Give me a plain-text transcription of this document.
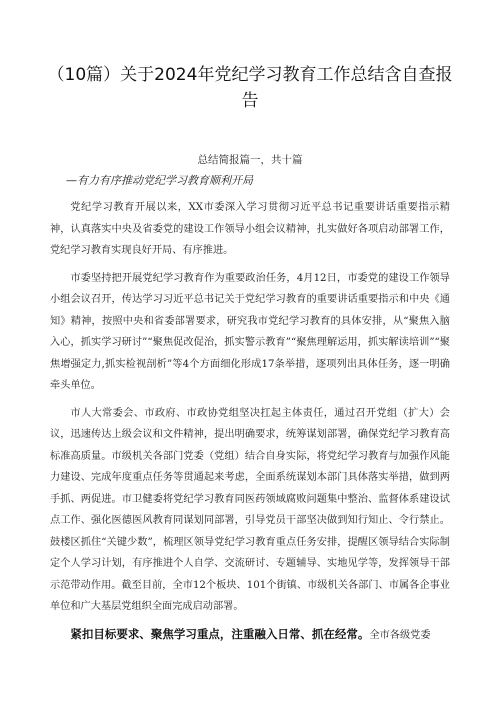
（10篇）关于2024年党纪学习教育工作总结含自查报告
总结简报篇一，共十篇
—有力有序推动党纪学习教育顺利开局

党纪学习教育开展以来，XX市委深入学习贯彻习近平总书记重要讲话重要指示精神，认真落实中央及省委党的建设工作领导小组会议精神，扎实做好各项启动部署工作，党纪学习教育实现良好开局、有序推进。

市委坚持把开展党纪学习教育作为重要政治任务，4月12日，市委党的建设工作领导小组会议召开，传达学习习近平总书记关于党纪学习教育的重要讲话重要指示和中央《通知》精神，按照中央和省委部署要求，研究我市党纪学习教育的具体安排，从“聚焦入脑入心，抓实学习研讨”“聚焦促改促治，抓实警示教育”“聚焦理解运用，抓实解读培训”“聚焦增强定力,抓实检视剖析”等4个方面细化形成17条举措，逐项列出具体任务，逐一明确牵头单位。

市人大常委会、市政府、市政协党组坚决扛起主体责任，通过召开党组（扩大）会议，迅速传达上级会议和文件精神，提出明确要求，统筹谋划部署，确保党纪学习教育高标准高质量。市级机关各部门党委（党组）结合自身实际，将党纪学习教育与加强作风能力建设、完成年度重点任务等贯通起来考虑，全面系统谋划本部门具体落实举措，做到两手抓、两促进。市卫健委将党纪学习教育同医药领域腐败问题集中整治、监督体系建设试点工作、强化医德医风教育同谋划同部署，引导党员干部坚决做到知行知止、令行禁止。鼓楼区抓住“关键少数”，梳理区领导党纪学习教育重点任务安排，提醒区领导结合实际制定个人学习计划，有序推进个人自学、交流研讨、专题辅导、实地见学等，发挥领导干部示范带动作用。截至目前，全市12个板块、101个街镇、市级机关各部门、市属各企事业单位和广大基层党组织全面完成启动部署。

紧扣目标要求、聚焦学习重点，注重融入日常、抓在经常。全市各级党委
